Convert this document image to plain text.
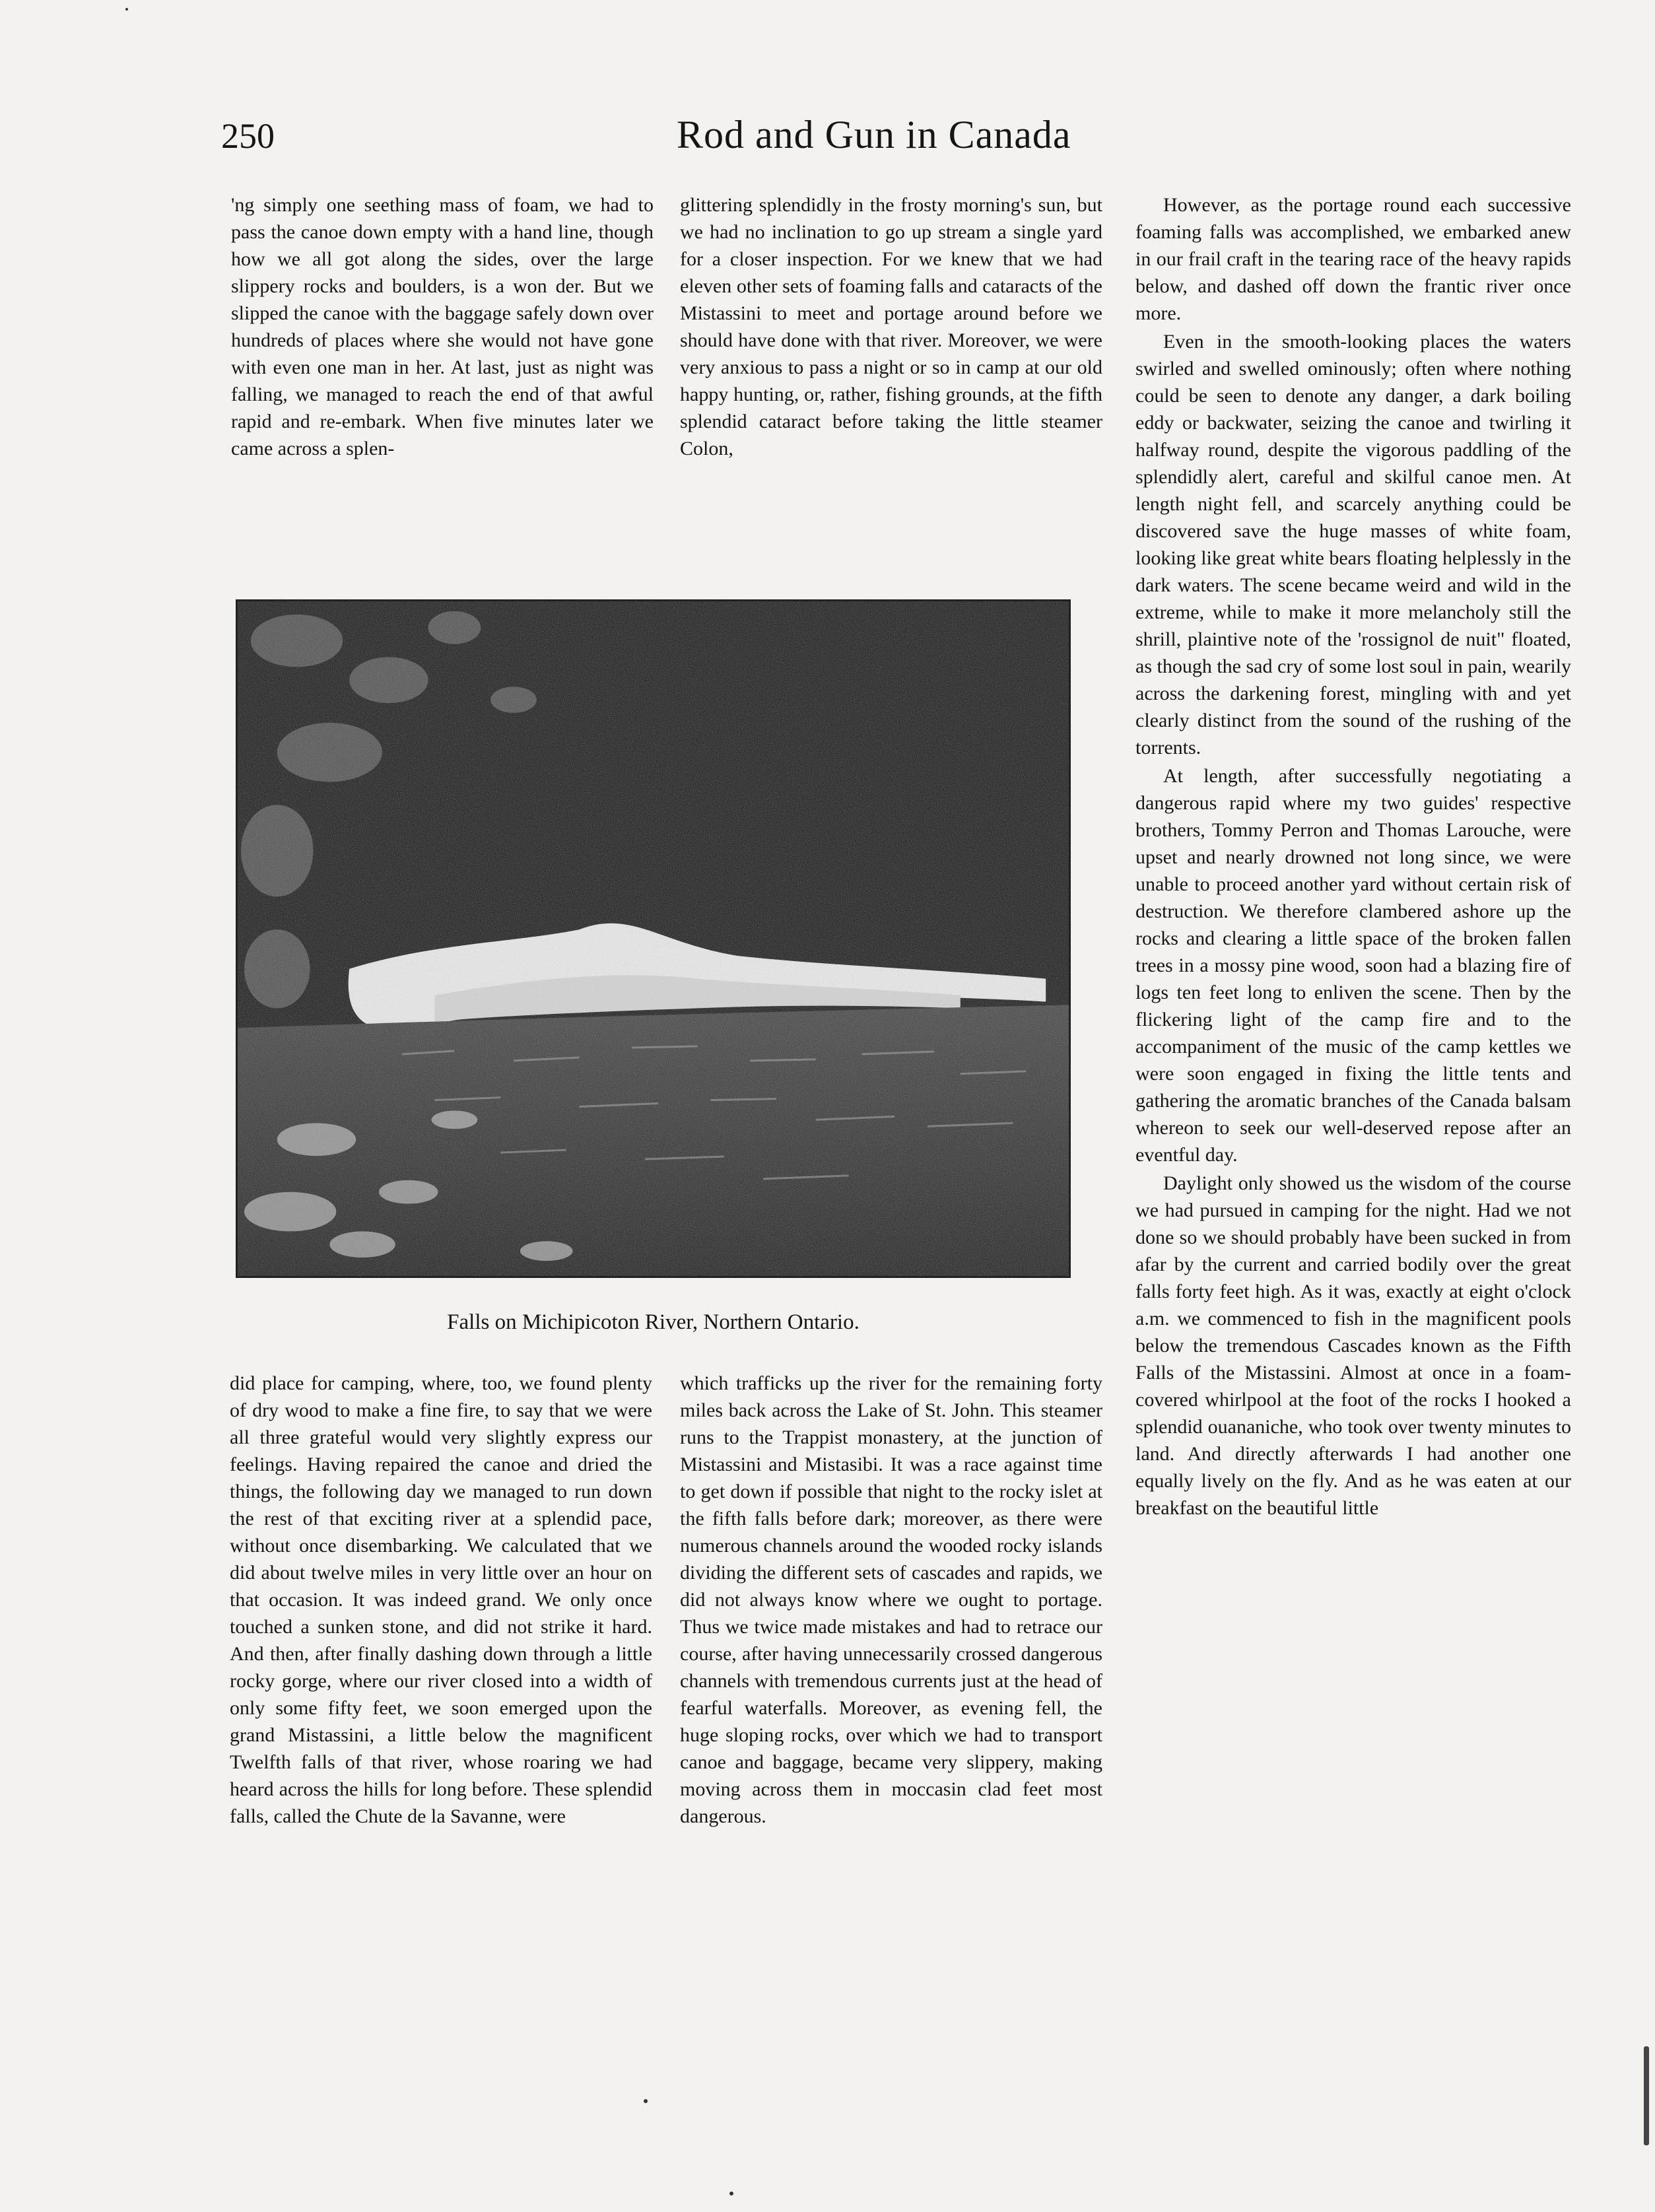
250	Rod and Gun in Canada

'ng simply one seething mass of foam, we had to pass the canoe down empty with a hand line, though how we all got along the sides, over the large slippery rocks and boulders, is a won der. But we slipped the canoe with the baggage safely down over hundreds of places where she would not have gone with even one man in her. At last, just as night was falling, we managed to reach the end of that awful rapid and re-embark. When five minutes later we came across a splen-

glittering splendidly in the frosty morning's sun, but we had no inclination to go up stream a single yard for a closer inspection. For we knew that we had eleven other sets of foaming falls and cataracts of the Mistassini to meet and portage around before we should have done with that river. Moreover, we were very anxious to pass a night or so in camp at our old happy hunting, or, rather, fishing grounds, at the fifth splendid cataract before taking the little steamer Colon,

However, as the portage round each successive foaming falls was accomplished, we embarked anew in our frail craft in the tearing race of the heavy rapids below, and dashed off down the frantic river once more.

Even in the smooth-looking places the waters swirled and swelled ominously; often where nothing could be seen to denote any danger, a dark boiling eddy or backwater, seizing the canoe and twirling it halfway round, despite the vigorous paddling of the splendidly alert, careful and skilful canoe men. At length night fell, and scarcely anything could be discovered save the huge masses of white foam, looking like great white bears floating helplessly in the dark waters. The scene became weird and wild in the extreme, while to make it more melancholy still the shrill, plaintive note of the 'rossignol de nuit" floated, as though the sad cry of some lost soul in pain, wearily across the darkening forest, mingling with and yet clearly distinct from the sound of the rushing of the torrents.

At length, after successfully negotiating a dangerous rapid where my two guides' respective brothers, Tommy Perron and Thomas Larouche, were upset and nearly drowned not long since, we were unable to proceed another yard without certain risk of destruction. We therefore clambered ashore up the rocks and clearing a little space of the broken fallen trees in a mossy pine wood, soon had a blazing fire of logs ten feet long to enliven the scene. Then by the flickering light of the camp fire and to the accompaniment of the music of the camp kettles we were soon engaged in fixing the little tents and gathering the aromatic branches of the Canada balsam whereon to seek our well-deserved repose after an eventful day.

Daylight only showed us the wisdom of the course we had pursued in camping for the night. Had we not done so we should probably have been sucked in from afar by the current and carried bodily over the great falls forty feet high. As it was, exactly at eight o'clock a.m. we commenced to fish in the magnificent pools below the tremendous Cascades known as the Fifth Falls of the Mistassini. Almost at once in a foam-covered whirlpool at the foot of the rocks I hooked a splendid ouananiche, who took over twenty minutes to land. And directly afterwards I had another one equally lively on the fly. And as he was eaten at our breakfast on the beautiful little

Falls on Michipicoton River, Northern Ontario.

did place for camping, where, too, we found plenty of dry wood to make a fine fire, to say that we were all three grateful would very slightly express our feelings. Having repaired the canoe and dried the things, the following day we managed to run down the rest of that exciting river at a splendid pace, without once disembarking. We calculated that we did about twelve miles in very little over an hour on that occasion. It was indeed grand. We only once touched a sunken stone, and did not strike it hard. And then, after finally dashing down through a little rocky gorge, where our river closed into a width of only some fifty feet, we soon emerged upon the grand Mistassini, a little below the magnificent Twelfth falls of that river, whose roaring we had heard across the hills for long before. These splendid falls, called the Chute de la Savanne, were

which trafficks up the river for the remaining forty miles back across the Lake of St. John. This steamer runs to the Trappist monastery, at the junction of Mistassini and Mistasibi. It was a race against time to get down if possible that night to the rocky islet at the fifth falls before dark; moreover, as there were numerous channels around the wooded rocky islands dividing the different sets of cascades and rapids, we did not always know where we ought to portage. Thus we twice made mistakes and had to retrace our course, after having unnecessarily crossed dangerous channels with tremendous currents just at the head of fearful waterfalls. Moreover, as evening fell, the huge sloping rocks, over which we had to transport canoe and baggage, became very slippery, making moving across them in moccasin clad feet most dangerous.
